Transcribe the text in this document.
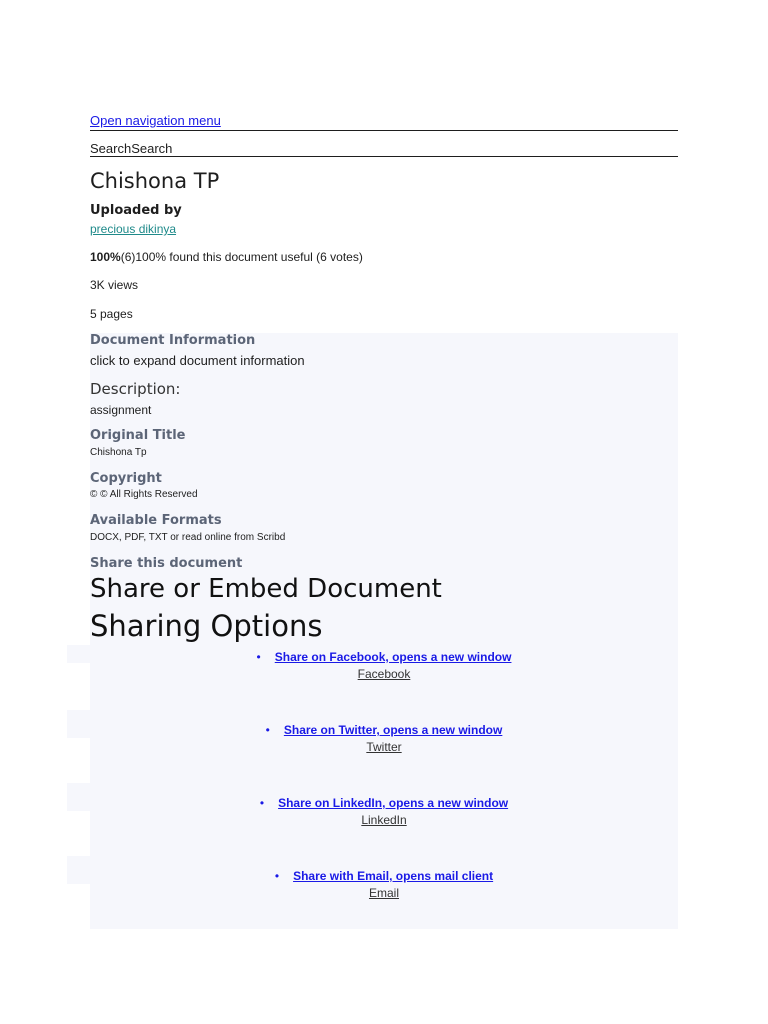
Open navigation menu
SearchSearch
Chishona TP
Uploaded by
precious dikinya
100%(6)100% found this document useful (6 votes)
3K views
5 pages
Document Information
click to expand document information
Description:
assignment
Original Title
Chishona Tp
Copyright
© © All Rights Reserved
Available Formats
DOCX, PDF, TXT or read online from Scribd
Share this document
Share or Embed Document
Sharing Options
• Share on Facebook, opens a new window
Facebook
• Share on Twitter, opens a new window
Twitter
• Share on LinkedIn, opens a new window
LinkedIn
• Share with Email, opens mail client
Email
